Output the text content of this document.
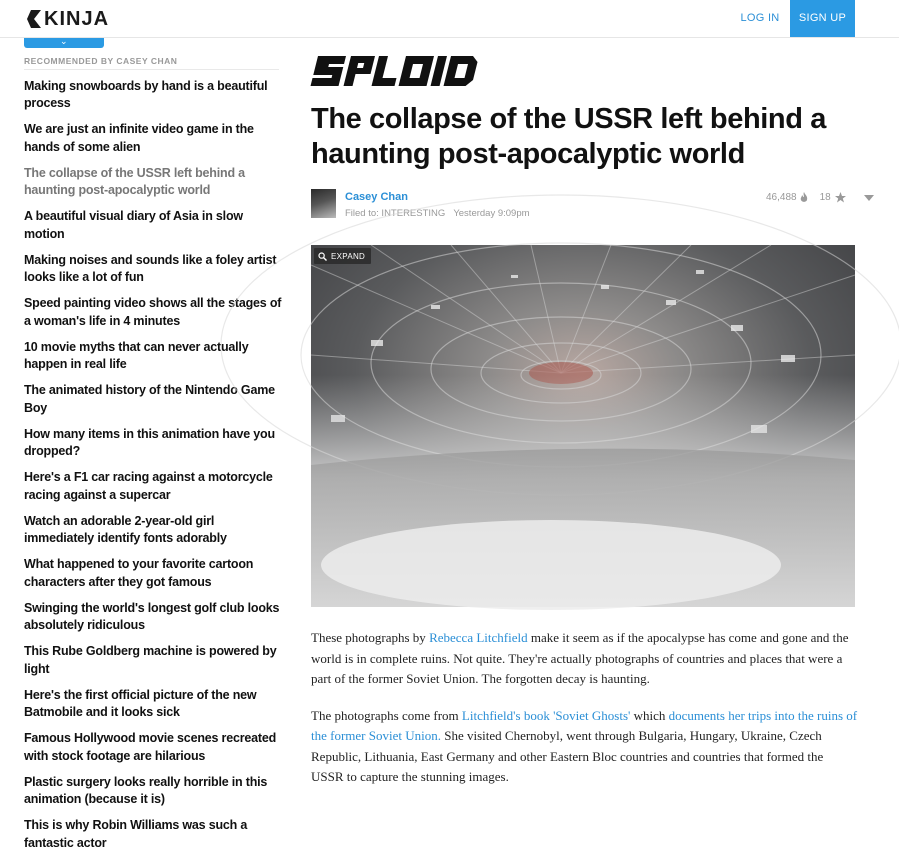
KINJA	LOG IN	SIGN UP
⌄
RECOMMENDED BY CASEY CHAN
Making snowboards by hand is a beautiful process
We are just an infinite video game in the hands of some alien
The collapse of the USSR left behind a haunting post-apocalyptic world
A beautiful visual diary of Asia in slow motion
Making noises and sounds like a foley artist looks like a lot of fun
Speed painting video shows all the stages of a woman's life in 4 minutes
10 movie myths that can never actually happen in real life
The animated history of the Nintendo Game Boy
How many items in this animation have you dropped?
Here's a F1 car racing against a motorcycle racing against a supercar
Watch an adorable 2-year-old girl immediately identify fonts adorably
What happened to your favorite cartoon characters after they got famous
Swinging the world's longest golf club looks absolutely ridiculous
This Rube Goldberg machine is powered by light
Here's the first official picture of the new Batmobile and it looks sick
Famous Hollywood movie scenes recreated with stock footage are hilarious
Plastic surgery looks really horrible in this animation (because it is)
This is why Robin Williams was such a fantastic actor
The collapse of the USSR left behind a haunting post-apocalyptic world
Casey Chan
Filed to: INTERESTING Yesterday 9:09pm
46,488 18
EXPAND

These photographs by Rebecca Litchfield make it seem as if the apocalypse has come and gone and the world is in complete ruins. Not quite. They're actually photographs of countries and places that were a part of the former Soviet Union. The forgotten decay is haunting.

The photographs come from Litchfield's book 'Soviet Ghosts' which documents her trips into the ruins of the former Soviet Union. She visited Chernobyl, went through Bulgaria, Hungary, Ukraine, Czech Republic, Lithuania, East Germany and other Eastern Bloc countries and countries that formed the USSR to capture the stunning images.
